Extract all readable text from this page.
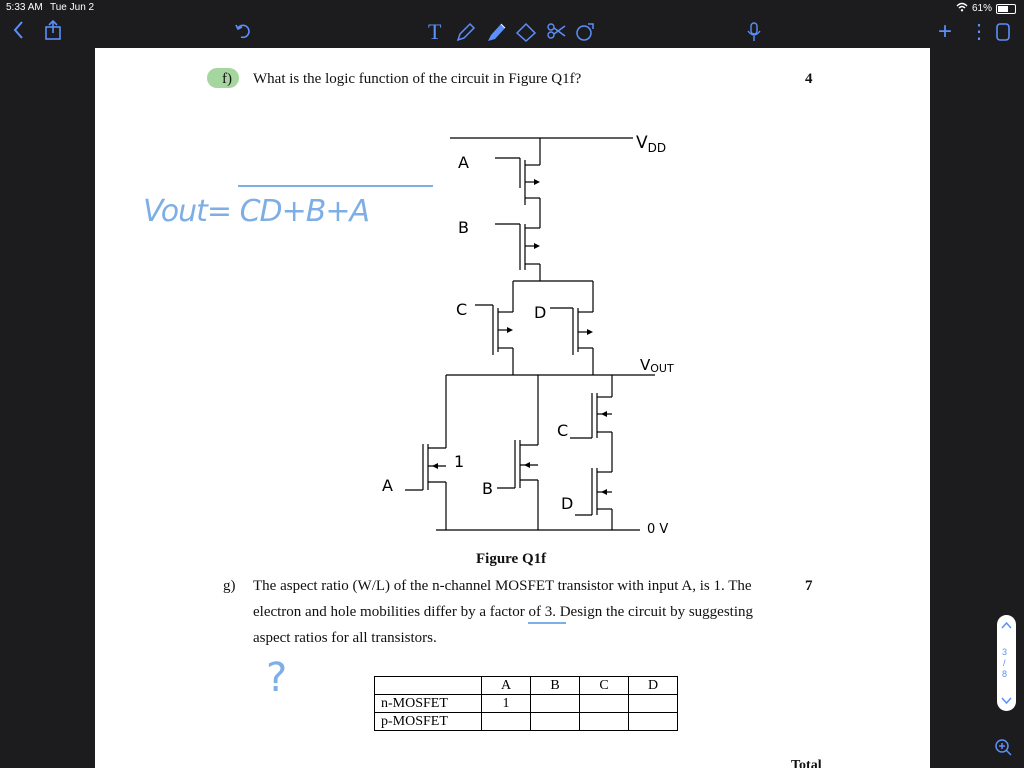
5:33 AM Tue Jun 2	61%
T	+ ⋮
f) What is the logic function of the circuit in Figure Q1f?	4
$V_{DD}$
VOUT
0 V
A
B
C	D
A	B
C
D
1
Figure Q1f
g) The aspect ratio (W/L) of the n-channel MOSFET transistor with input A, is 1. The
electron and hole mobilities differ by a factor of 3. Design the circuit by suggesting
aspect ratios for all transistors.
7
	A	B	C	D
n-MOSFET	1			
p-MOSFET				
Total
Vout= CD+B+A
?
3
/
8
